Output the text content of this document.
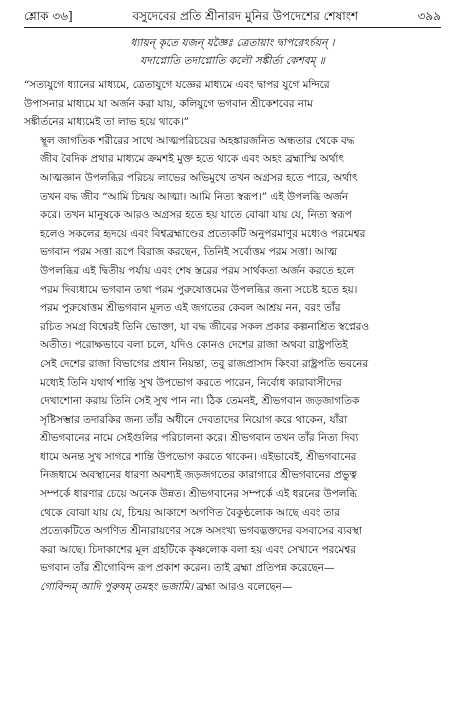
শ্লোক ৩৬]	বসুদেবের প্রতি শ্রীনারদ মুনির উপদেশের শেষাংশ	৩৯৯
ধ্যায়ন্ কৃতে যজন্ যজ্ঞৈঃ ত্রেতায়াং দ্বাপরেঽর্চয়ন্ ।
যদাপ্নোতি তদাপ্নোতি কলৌ সঙ্কীর্ত্য কেশবম্ ॥
“সত্যযুগে ধ্যানের মাধ্যমে, ত্রেতাযুগে যজ্ঞের মাধ্যমে এবং দ্বাপর যুগে মন্দিরে
উপাসনার মাধ্যমে যা অর্জন করা যায়, কলিযুগে ভগবান শ্রীকেশবের নাম
সঙ্কীর্তনের মাধ্যমেই তা লাভ হয়ে থাকে।”

স্থূল জাগতিক শরীরের সাথে আত্মপরিচয়ের অহঙ্কারজনিত অন্ধতার থেকে বদ্ধ
জীব বৈদিক প্রথার মাধ্যমে ক্রমশই মুক্ত হতে থাকে এবং অহং ব্রহ্মাস্মি অর্থাৎ
আত্মজ্ঞান উপলব্ধির পরিচয় লাভের অভিমুখে তখন অগ্রসর হতে পারে, অর্থাৎ
তখন বদ্ধ জীব “আমি চিন্ময় আত্মা। আমি নিত্য স্বরূপ।” এই উপলব্ধি অর্জন
করে। তখন মানুষকে আরও অগ্রসর হতে হয় যাতে বোঝা যায় যে, নিত্য স্বরূপ
হলেও সকলের হৃদয়ে এবং বিশ্বব্রহ্মাণ্ডের প্রত্যেকটি অনুপরমাণুর মধ্যেও পরমেশ্বর
ভগবান পরম সত্তা রূপে বিরাজ করছেন, তিনিই সর্বোত্তম পরম সত্তা। আত্ম
উপলব্ধির এই দ্বিতীয় পর্যায় এবং শেষ স্তরের পরম সার্থকতা অর্জন করতে হলে
পরম দিব্যধামে ভগবান তথা পরম পুরুষোত্তমের উপলব্ধির জন্য সচেষ্ট হতে হয়।

পরম পুরুষোত্তম শ্রীভগবান মূলত এই জগতের কেবল আশ্রয় নন, বরং তাঁর
রচিত সমগ্র বিশ্বেরই তিনি ভোক্তা, যা বদ্ধ জীবের সকল প্রকার কল্পনাশ্রিত স্বপ্নেরও
অতীত। পরোক্ষভাবে বলা চলে, যদিও কোনও দেশের রাজা অথবা রাষ্ট্রপতিই
সেই দেশের রাজা বিভাগের প্রধান নিয়ন্তা, তবু রাজপ্রাসাদ কিংবা রাষ্ট্রপতি ভবনের
মধ্যেই তিনি যথার্থ শান্তি সুখ উপভোগ করতে পারেন, নির্বোধ কারাবাসীদের
দেখাশোনা করায় তিনি সেই সুখ পান না। ঠিক তেমনই, শ্রীভগবান জড়জাগতিক
সৃষ্টিসম্ভার তদারকির জন্য তাঁর অধীনে দেবতাদের নিয়োগ করে থাকেন, যাঁরা
শ্রীভগবানের নামে সেইগুলির পরিচালনা করে। শ্রীভগবান তখন তাঁর নিত্য দিব্য
ধামে অনন্ত সুখ সাগরে শান্তি উপভোগ করতে থাকেন। এইভাবেই, শ্রীভগবানের
নিজধামে অবস্থানের ধারণা অবশ্যই জড়জগতের কারাগারে শ্রীভগবানের প্রভুত্ব
সম্পর্কে ধারণার চেয়ে অনেক উন্নত। শ্রীভগবানের সম্পর্কে এই ধরনের উপলব্ধি
থেকে বোঝা যায় যে, চিন্ময় আকাশে অগণিত বৈকুণ্ঠলোক আছে এবং তার
প্রত্যেকটিতে অগণিত শ্রীনারায়ণের সঙ্গে অসংখ্য ভগবদ্ভক্তদের বসবাসের ব্যবস্থা
করা আছে। চিদাকাশের মূল গ্রহটিকে কৃষ্ণলোক বলা হয় এবং সেখানে পরমেশ্বর
ভগবান তাঁর শ্রীগোবিন্দ রূপ প্রকাশ করেন। তাই ব্রহ্মা প্রতিপন্ন করেছেন—
গোবিন্দম্ আদি পুরুষম্ তমহং ভজামি। ব্রহ্মা আরও বলেছেন—
